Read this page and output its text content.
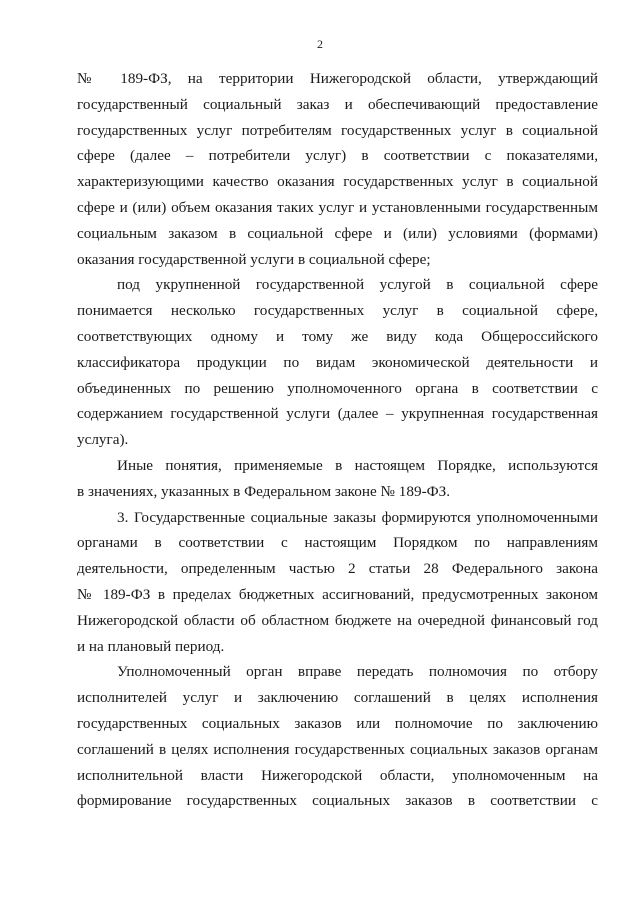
2
№ 189-ФЗ, на территории Нижегородской области, утверждающий
государственный социальный заказ и обеспечивающий предоставление
государственных услуг потребителям государственных услуг в социальной
сфере (далее – потребители услуг) в соответствии с показателями,
характеризующими качество оказания государственных услуг в социальной
сфере и (или) объем оказания таких услуг и установленными государственным
социальным заказом в социальной сфере и (или) условиями (формами)
оказания государственной услуги в социальной сфере;
под укрупненной государственной услугой в социальной сфере
понимается несколько государственных услуг в социальной сфере,
соответствующих одному и тому же виду кода Общероссийского
классификатора продукции по видам экономической деятельности и
объединенных по решению уполномоченного органа в соответствии с
содержанием государственной услуги (далее – укрупненная государственная
услуга).
Иные понятия, применяемые в настоящем Порядке, используются
в значениях, указанных в Федеральном законе № 189-ФЗ.
3. Государственные социальные заказы формируются уполномоченными
органами в соответствии с настоящим Порядком по направлениям
деятельности, определенным частью 2 статьи 28 Федерального закона
№ 189-ФЗ в пределах бюджетных ассигнований, предусмотренных законом
Нижегородской области об областном бюджете на очередной финансовый год
и на плановый период.
Уполномоченный орган вправе передать полномочия по отбору
исполнителей услуг и заключению соглашений в целях исполнения
государственных социальных заказов или полномочие по заключению
соглашений в целях исполнения государственных социальных заказов органам
исполнительной власти Нижегородской области, уполномоченным на
формирование государственных социальных заказов в соответствии с
